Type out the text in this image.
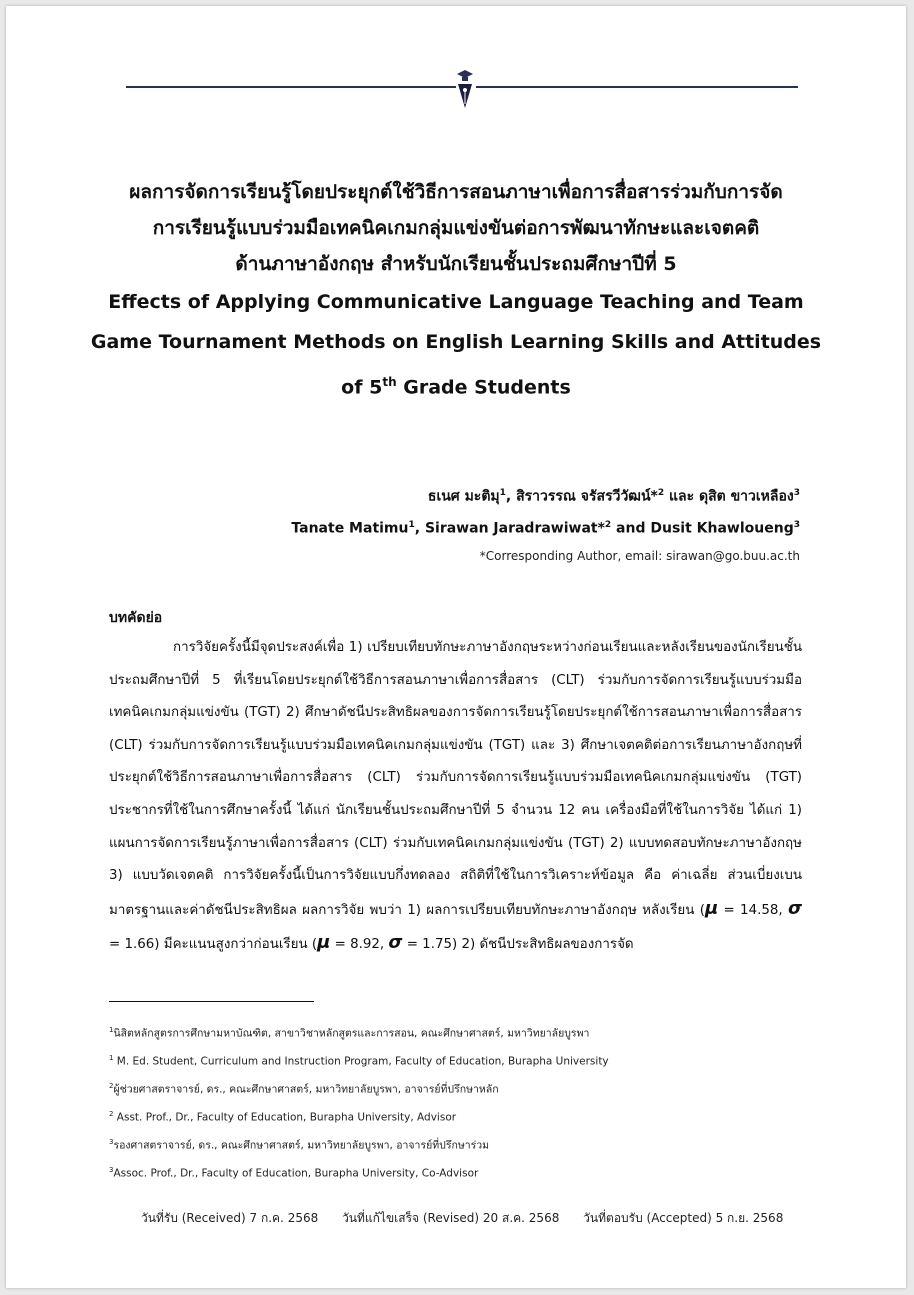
ผลการจัดการเรียนรู้โดยประยุกต์ใช้วิธีการสอนภาษาเพื่อการสื่อสารร่วมกับการจัด

การเรียนรู้แบบร่วมมือเทคนิคเกมกลุ่มแข่งขันต่อการพัฒนาทักษะและเจตคติ

ด้านภาษาอังกฤษ สำหรับนักเรียนชั้นประถมศึกษาปีที่ 5

Effects of Applying Communicative Language Teaching and Team

Game Tournament Methods on English Learning Skills and Attitudes

of 5th Grade Students

ธเนศ มะติมุ$^1$, สิราวรรณ จรัสรวีวัฒน์*$^2$ และ ดุสิต ขาวเหลือง$^3$
Tanate Matimu$^1$, Sirawan Jaradrawiwat*$^2$ and Dusit Khawloueng$^3$
*Corresponding Author, email: sirawan@go.buu.ac.th
บทคัดย่อ

การวิจัยครั้งนี้มีจุดประสงค์เพื่อ 1) เปรียบเทียบทักษะภาษาอังกฤษระหว่างก่อนเรียนและหลังเรียนของนักเรียนชั้นประถมศึกษาปีที่ 5 ที่เรียนโดยประยุกต์ใช้วิธีการสอนภาษาเพื่อการสื่อสาร (CLT) ร่วมกับการจัดการเรียนรู้แบบร่วมมือเทคนิคเกมกลุ่มแข่งขัน (TGT) 2) ศึกษาดัชนีประสิทธิผลของการจัดการเรียนรู้โดยประยุกต์ใช้การสอนภาษาเพื่อการสื่อสาร (CLT) ร่วมกับการจัดการเรียนรู้แบบร่วมมือเทคนิคเกมกลุ่มแข่งขัน (TGT) และ 3) ศึกษาเจตคติต่อการเรียนภาษาอังกฤษที่ประยุกต์ใช้วิธีการสอนภาษาเพื่อการสื่อสาร (CLT) ร่วมกับการจัดการเรียนรู้แบบร่วมมือเทคนิคเกมกลุ่มแข่งขัน (TGT) ประชากรที่ใช้ในการศึกษาครั้งนี้ ได้แก่ นักเรียนชั้นประถมศึกษาปีที่ 5 จำนวน 12 คน เครื่องมือที่ใช้ในการวิจัย ได้แก่ 1) แผนการจัดการเรียนรู้ภาษาเพื่อการสื่อสาร (CLT) ร่วมกับเทคนิคเกมกลุ่มแข่งขัน (TGT) 2) แบบทดสอบทักษะภาษาอังกฤษ 3) แบบวัดเจตคติ การวิจัยครั้งนี้เป็นการวิจัยแบบกึ่งทดลอง สถิติที่ใช้ในการวิเคราะห์ข้อมูล คือ ค่าเฉลี่ย ส่วนเบี่ยงเบนมาตรฐานและค่าดัชนีประสิทธิผล ผลการวิจัย พบว่า 1) ผลการเปรียบเทียบทักษะภาษาอังกฤษ หลังเรียน (μ = 14.58, σ = 1.66) มีคะแนนสูงกว่าก่อนเรียน (μ = 8.92, σ = 1.75) 2) ดัชนีประสิทธิผลของการจัด

$^1$นิสิตหลักสูตรการศึกษามหาบัณฑิต, สาขาวิชาหลักสูตรและการสอน, คณะศึกษาศาสตร์, มหาวิทยาลัยบูรพา
$^1$ M. Ed. Student, Curriculum and Instruction Program, Faculty of Education, Burapha University
$^2$ผู้ช่วยศาสตราจารย์, ดร., คณะศึกษาศาสตร์, มหาวิทยาลัยบูรพา, อาจารย์ที่ปรึกษาหลัก
$^2$ Asst. Prof., Dr., Faculty of Education, Burapha University, Advisor
$^3$รองศาสตราจารย์, ดร., คณะศึกษาศาสตร์, มหาวิทยาลัยบูรพา, อาจารย์ที่ปรึกษาร่วม
$^3$Assoc. Prof., Dr., Faculty of Education, Burapha University, Co-Advisor
วันที่รับ (Received) 7 ก.ค. 2568 วันที่แก้ไขเสร็จ (Revised) 20 ส.ค. 2568 วันที่ตอบรับ (Accepted) 5 ก.ย. 2568
